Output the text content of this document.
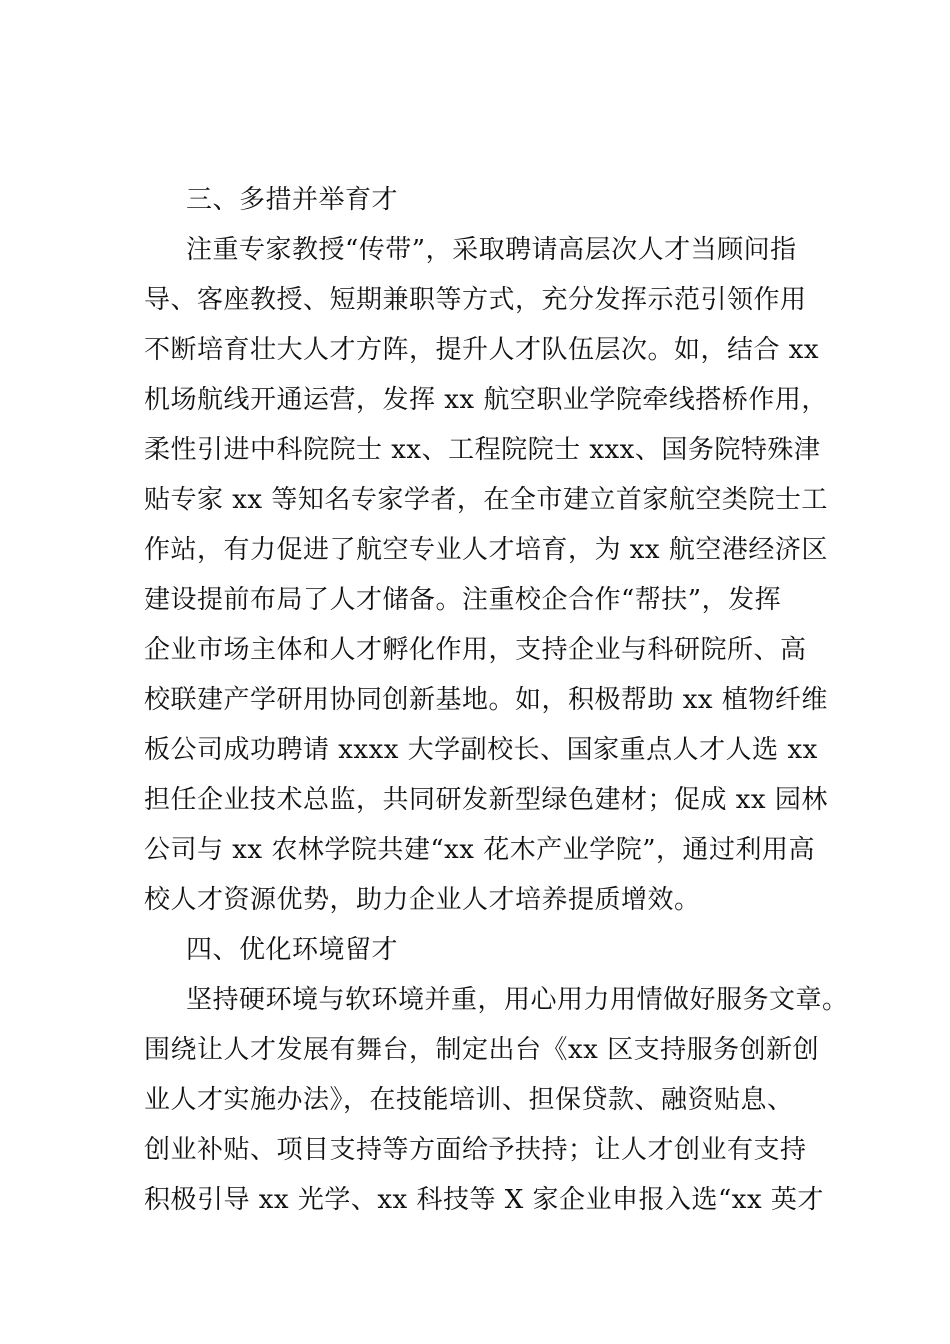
三、多措并举育才
注重专家教授“传带”，采取聘请高层次人才当顾问指
导、客座教授、短期兼职等方式，充分发挥示范引领作用
不断培育壮大人才方阵，提升人才队伍层次。如，结合 xx
机场航线开通运营，发挥 xx 航空职业学院牵线搭桥作用，
柔性引进中科院院士 xx、工程院院士 xxx、国务院特殊津
贴专家 xx 等知名专家学者，在全市建立首家航空类院士工
作站，有力促进了航空专业人才培育，为 xx 航空港经济区
建设提前布局了人才储备。注重校企合作“帮扶”，发挥
企业市场主体和人才孵化作用，支持企业与科研院所、高
校联建产学研用协同创新基地。如，积极帮助 xx 植物纤维
板公司成功聘请 xxxx 大学副校长、国家重点人才人选 xx
担任企业技术总监，共同研发新型绿色建材；促成 xx 园林
公司与 xx 农林学院共建“xx 花木产业学院”，通过利用高
校人才资源优势，助力企业人才培养提质增效。
四、优化环境留才
坚持硬环境与软环境并重，用心用力用情做好服务文章。
围绕让人才发展有舞台，制定出台《xx 区支持服务创新创
业人才实施办法》，在技能培训、担保贷款、融资贴息、
创业补贴、项目支持等方面给予扶持；让人才创业有支持
积极引导 xx 光学、xx 科技等 X 家企业申报入选“xx 英才
